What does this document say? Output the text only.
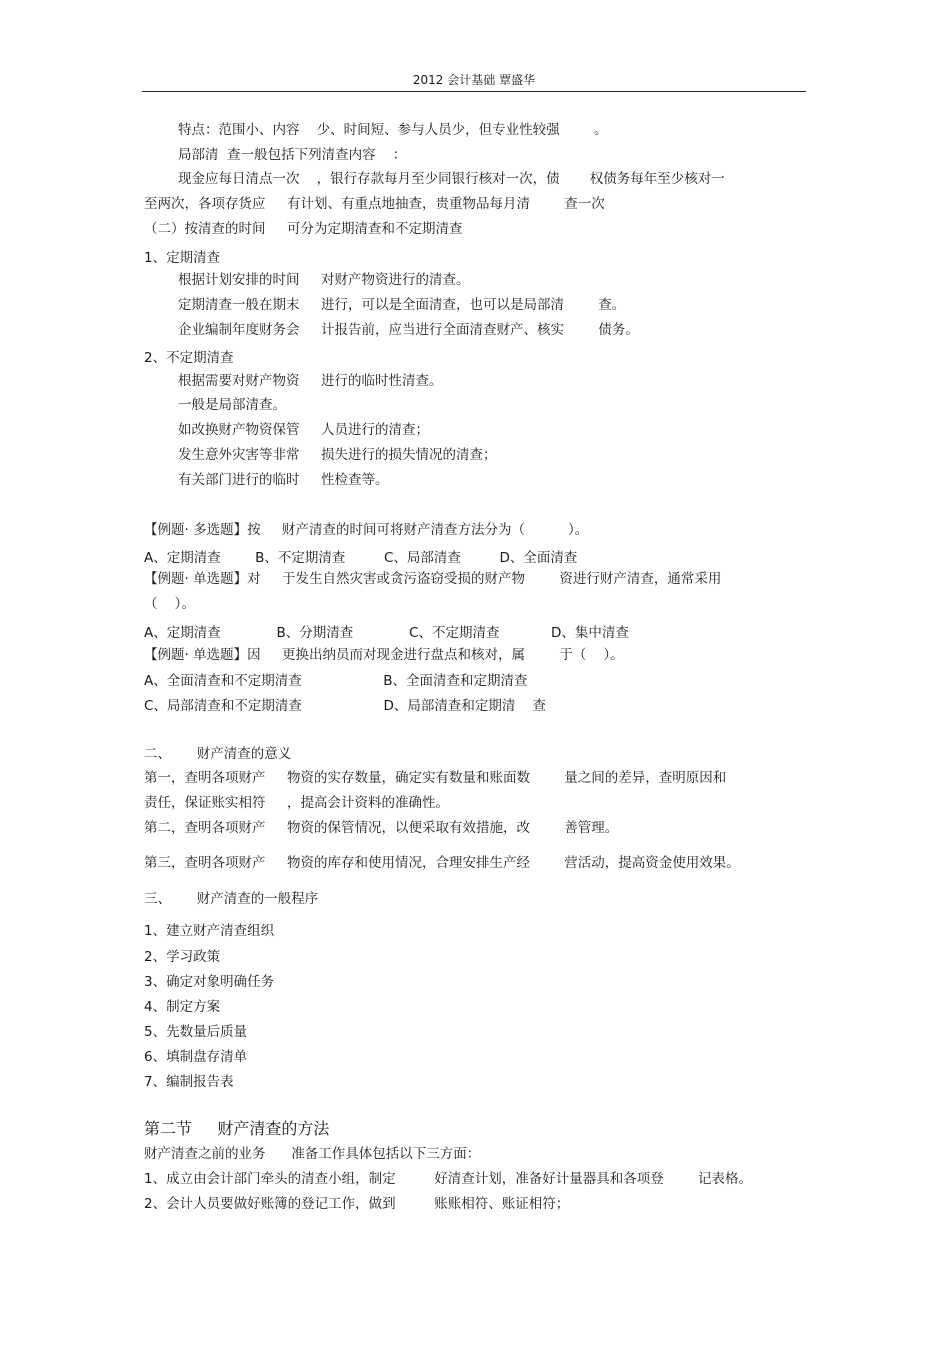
2012 会计基础 覃盛华
特点：范围小、内容    少、时间短、参与人员少，但专业性较强        。
局部清  查一般包括下列清查内容    ：
现金应每日清点一次    ，银行存款每月至少同银行核对一次，债       权债务每年至少核对一
至两次，各项存货应     有计划、有重点地抽查，贵重物品每月清        查一次
（二）按清查的时间     可分为定期清查和不定期清查
1、定期清查
根据计划安排的时间     对财产物资进行的清查。
定期清查一般在期末     进行，可以是全面清查，也可以是局部清        查。
企业编制年度财务会     计报告前，应当进行全面清查财产、核实        债务。
2、不定期清查
根据需要对财产物资     进行的临时性清查。
一般是局部清查。
如改换财产物资保管     人员进行的清查；
发生意外灾害等非常     损失进行的损失情况的清查；
有关部门进行的临时     性检查等。
【例题· 多选题】按     财产清查的时间可将财产清查方法分为（          ）。
A、定期清查        B、不定期清查         C、局部清查         D、全面清查
【例题· 单选题】对     于发生自然灾害或贪污盗窃受损的财产物        资进行财产清查，通常采用
（    ）。
A、定期清查             B、分期清查             C、不定期清查            D、集中清查
【例题· 单选题】因     更换出纳员而对现金进行盘点和核对，属        于（    ）。
A、全面清查和不定期清查                   B、全面清查和定期清查
C、局部清查和不定期清查                   D、局部清查和定期清    查
二、      财产清查的意义
第一，查明各项财产     物资的实存数量，确定实有数量和账面数        量之间的差异，查明原因和
责任，保证账实相符     ，提高会计资料的准确性。
第二，查明各项财产     物资的保管情况，以便采取有效措施，改        善管理。
第三，查明各项财产     物资的库存和使用情况，合理安排生产经        营活动，提高资金使用效果。
三、      财产清查的一般程序
1、建立财产清查组织
2、学习政策
3、确定对象明确任务
4、制定方案
5、先数量后质量
6、填制盘存清单
7、编制报告表
第二节     财产清查的方法
财产清查之前的业务      准备工作具体包括以下三方面：
1、成立由会计部门牵头的清查小组，制定         好清查计划，准备好计量器具和各项登        记表格。
2、会计人员要做好账簿的登记工作，做到         账账相符、账证相符；
